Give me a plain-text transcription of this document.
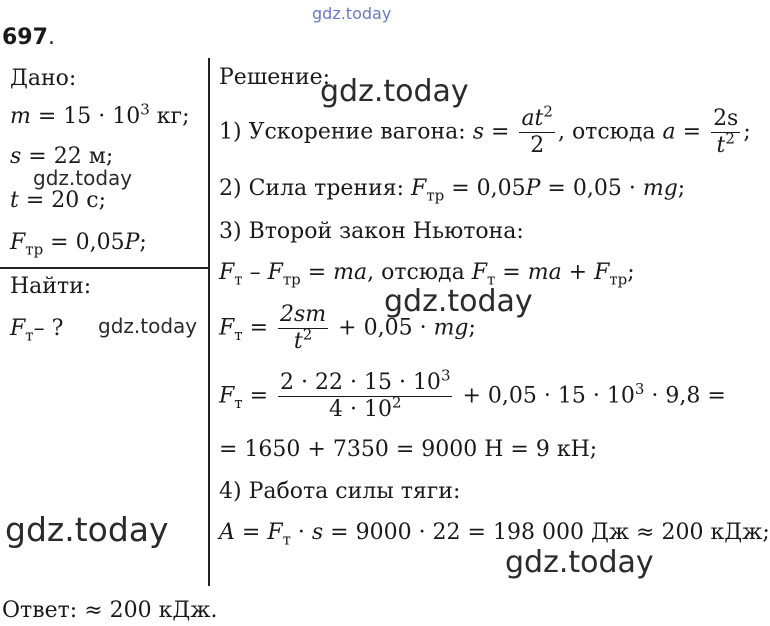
gdz.today
697.
Дано:
$m = 15 \cdot 10^3$ кг;
s = 22 м;
gdz.today
t = 20 с;
$F_{тр} = 0,05P$;
Найти:
$F_т-$ ? gdz.today
Решение:
gdz.today
1) Ускорение вагона: $s = \frac{at^2}{2}$ , отсюда $a = \frac{2s}{t^2}$ ;
2) Сила трения: $F_{тр} = 0,05P = 0,05$ · mg;
3) Второй закон Ньютона:
$F_т - F_{тр}$ = ma, отсюда $F_т$ = ma + $F_{тр}$;
gdz.today
$F_т = \frac{2sm}{t^2} + 0,05$ · mg;
$F_т = \frac{2 \cdot 22 \cdot 15 \cdot 10^3}{4 \cdot 10^2} + 0,05 \cdot 15 \cdot 10^3 \cdot 9,8$ =
= 1650 + 7350 = 9000 Н = 9 кН;
4) Работа силы тяги:
$A = F_т \cdot s = 9000 \cdot 22 = 198$ 000 Дж ≈ 200 кДж;
gdz.today
gdz.today
Ответ: ≈ 200 кДж.
